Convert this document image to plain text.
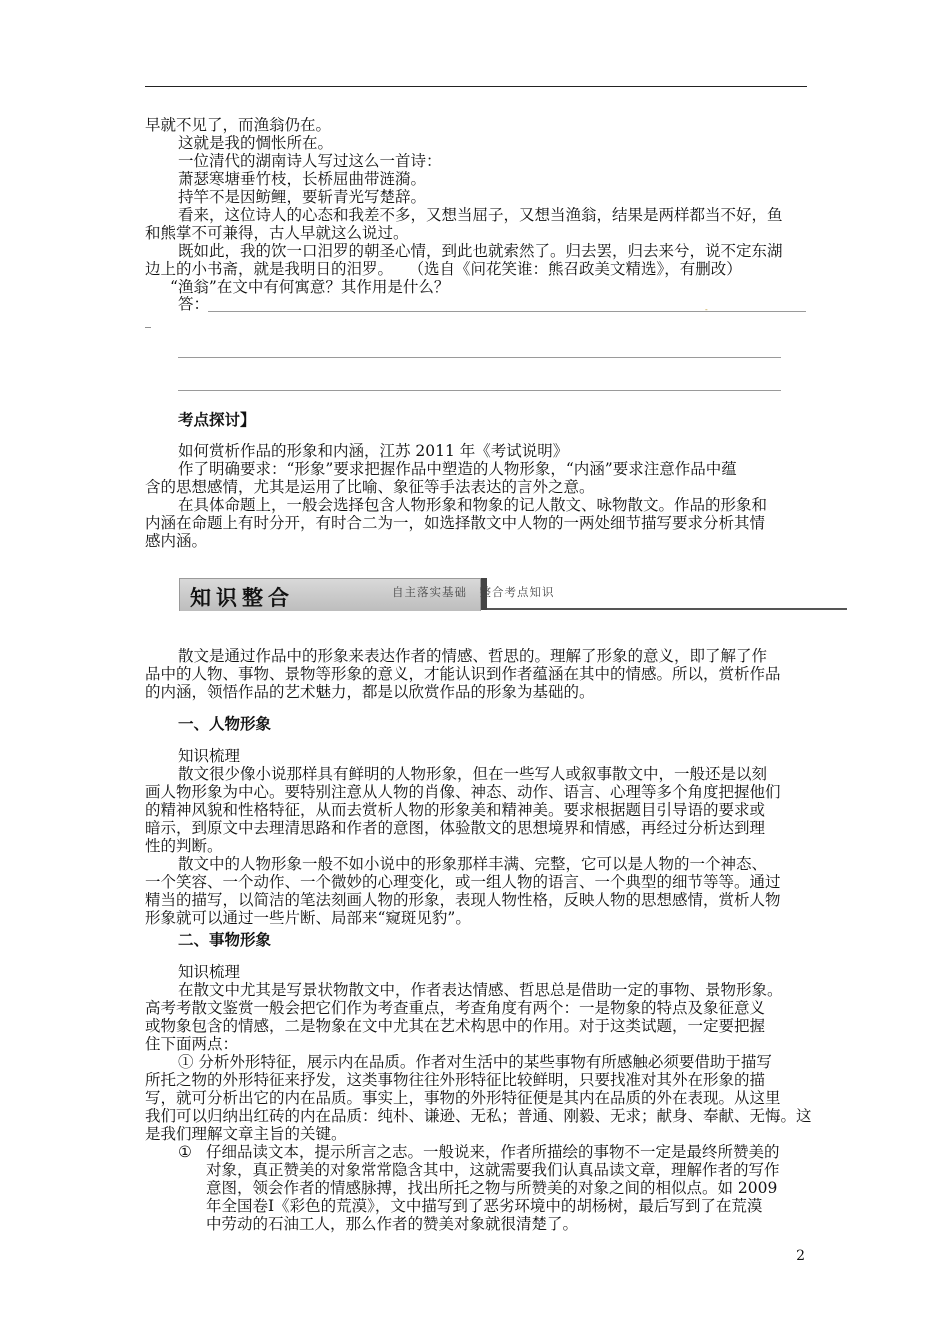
早就不见了，而渔翁仍在。
这就是我的惆怅所在。
一位清代的湖南诗人写过这么一首诗：
萧瑟寒塘垂竹枝，长桥屈曲带涟漪。
持竿不是因鲂鲤，要斩青光写楚辞。
看来，这位诗人的心态和我差不多，又想当屈子，又想当渔翁，结果是两样都当不好，鱼
和熊掌不可兼得，古人早就这么说过。
既如此，我的饮一口汨罗的朝圣心情，到此也就索然了。归去罢，归去来兮，说不定东湖
边上的小书斋，就是我明日的汨罗。　　（选自《问花笑谁：熊召政美文精选》，有删改）
“渔翁”在文中有何寓意？其作用是什么？
答：	-
_
考点探讨】
如何赏析作品的形象和内涵，江苏 2011 年《考试说明》
作了明确要求：“形象”要求把握作品中塑造的人物形象，“内涵”要求注意作品中蕴
含的思想感情，尤其是运用了比喻、象征等手法表达的言外之意。
在具体命题上，一般会选择包含人物形象和物象的记人散文、咏物散文。作品的形象和
内涵在命题上有时分开，有时合二为一，如选择散文中人物的一两处细节描写要求分析其情
感内涵。
知识整合	自主落实基础　整合考点知识
散文是通过作品中的形象来表达作者的情感、哲思的。理解了形象的意义，即了解了作
品中的人物、事物、景物等形象的意义，才能认识到作者蕴涵在其中的情感。所以，赏析作品
的内涵，领悟作品的艺术魅力，都是以欣赏作品的形象为基础的。
一、人物形象
知识梳理
散文很少像小说那样具有鲜明的人物形象，但在一些写人或叙事散文中，一般还是以刻
画人物形象为中心。要特别注意从人物的肖像、神态、动作、语言、心理等多个角度把握他们
的精神风貌和性格特征，从而去赏析人物的形象美和精神美。要求根据题目引导语的要求或
暗示，到原文中去理清思路和作者的意图，体验散文的思想境界和情感，再经过分析达到理
性的判断。
散文中的人物形象一般不如小说中的形象那样丰满、完整，它可以是人物的一个神态、
一个笑容、一个动作、一个微妙的心理变化，或一组人物的语言、一个典型的细节等等。通过
精当的描写，以简洁的笔法刻画人物的形象，表现人物性格，反映人物的思想感情，赏析人物
形象就可以通过一些片断、局部来“窥斑见豹”。
二、事物形象
知识梳理
在散文中尤其是写景状物散文中，作者表达情感、哲思总是借助一定的事物、景物形象。
高考考散文鉴赏一般会把它们作为考查重点，考查角度有两个：一是物象的特点及象征意义
或物象包含的情感，二是物象在文中尤其在艺术构思中的作用。对于这类试题，一定要把握
住下面两点：
① 分析外形特征，展示内在品质。作者对生活中的某些事物有所感触必须要借助于描写
所托之物的外形特征来抒发，这类事物往往外形特征比较鲜明，只要找准对其外在形象的描
写，就可分析出它的内在品质。事实上，事物的外形特征便是其内在品质的外在表现。从这里
我们可以归纳出红砖的内在品质：纯朴、谦逊、无私；普通、刚毅、无求；献身、奉献、无悔。这
是我们理解文章主旨的关键。
① 仔细品读文本，提示所言之志。一般说来，作者所描绘的事物不一定是最终所赞美的
对象，真正赞美的对象常常隐含其中，这就需要我们认真品读文章，理解作者的写作
意图，领会作者的情感脉搏，找出所托之物与所赞美的对象之间的相似点。如 2009
年全国卷Ⅰ《彩色的荒漠》，文中描写到了恶劣环境中的胡杨树，最后写到了在荒漠
中劳动的石油工人，那么作者的赞美对象就很清楚了。
2
